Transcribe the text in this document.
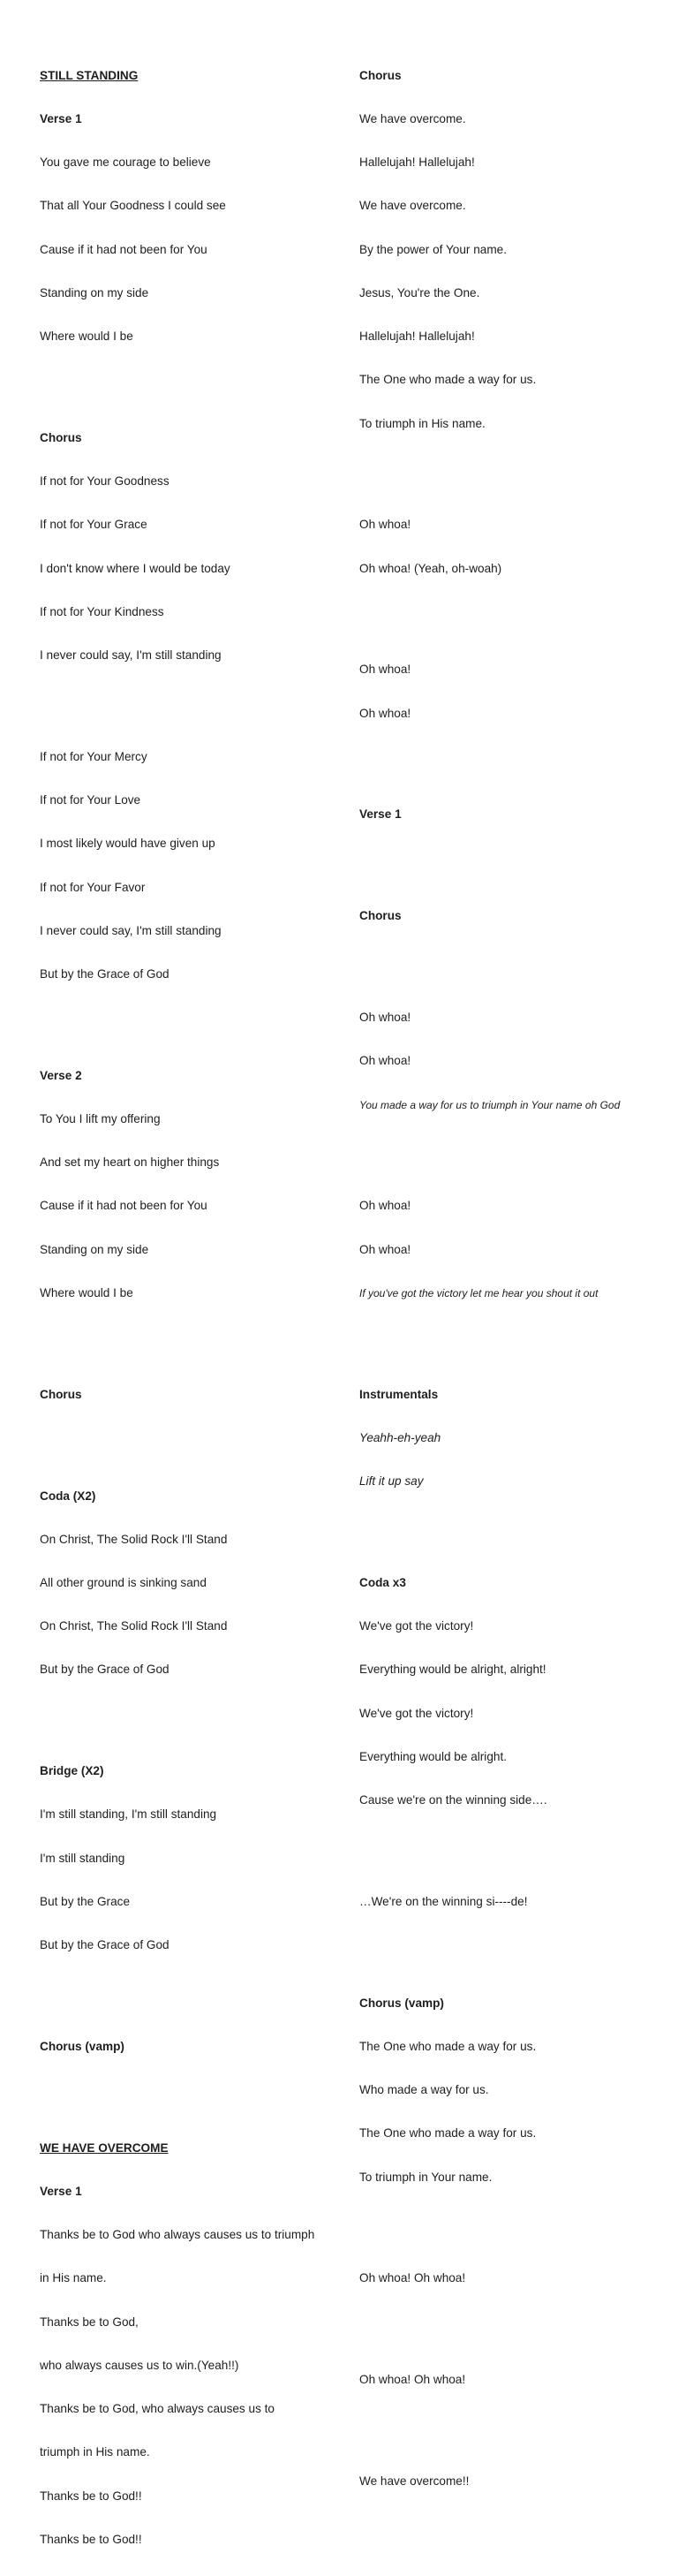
STILL STANDING

Verse 1

You gave me courage to believe

That all Your Goodness I could see

Cause if it had not been for You

Standing on my side

Where would I be

Chorus

If not for Your Goodness

If not for Your Grace

I don't know where I would be today

If not for Your Kindness

I never could say, I'm still standing

If not for Your Mercy

If not for Your Love

I most likely would have given up

If not for Your Favor

I never could say, I'm still standing

But by the Grace of God

Verse 2

To You I lift my offering

And set my heart on higher things

Cause if it had not been for You

Standing on my side

Where would I be

Chorus

Coda (X2)

On Christ, The Solid Rock I'll Stand

All other ground is sinking sand

On Christ, The Solid Rock I'll Stand

But by the Grace of God

Bridge (X2)

I'm still standing, I'm still standing

I'm still standing

But by the Grace

But by the Grace of God

Chorus (vamp)

WE HAVE OVERCOME

Verse 1

Thanks be to God who always causes us to triumph

in His name.

Thanks be to God,

who always causes us to win.(Yeah!!)

Thanks be to God, who always causes us to

triumph in His name.

Thanks be to God!!

Thanks be to God!!

Chorus

We have overcome.

Hallelujah! Hallelujah!

We have overcome.

By the power of Your name.

Jesus, You're the One.

Hallelujah! Hallelujah!

The One who made a way for us.

To triumph in His name.

Oh whoa!

Oh whoa! (Yeah, oh-woah)

Oh whoa!

Oh whoa!

Verse 1

Chorus

Oh whoa!

Oh whoa!

You made a way for us to triumph in Your name oh God

Oh whoa!

Oh whoa!

If you've got the victory let me hear you shout it out

Instrumentals

Yeahh-eh-yeah

Lift it up say

Coda x3

We've got the victory!

Everything would be alright, alright!

We've got the victory!

Everything would be alright.

Cause we're on the winning side….

…We're on the winning si----de!

Chorus (vamp)

The One who made a way for us.

Who made a way for us.

The One who made a way for us.

To triumph in Your name.

Oh whoa! Oh whoa!

Oh whoa! Oh whoa!

We have overcome!!
